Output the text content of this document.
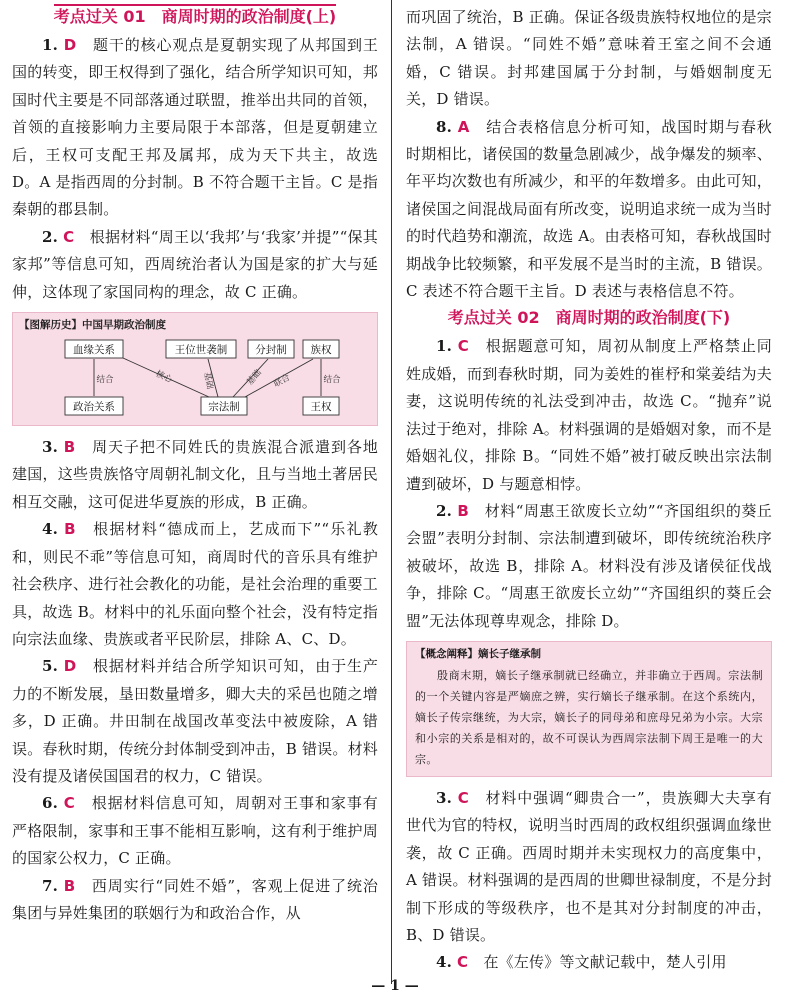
考点过关 01　商周时期的政治制度(上)

1. D　 题干的核心观点是夏朝实现了从邦国到王国的转变，即王权得到了强化，结合所学知识可知，邦国时代主要是不同部落通过联盟，推举出共同的首领，首领的直接影响力主要局限于本部落，但是夏朝建立后，王权可支配王邦及属邦，成为天下共主，故选 D。A 是指西周的分封制。B 不符合题干主旨。C 是指秦朝的郡县制。

2. C　 根据材料“周王以‘我邦’与‘我家’并提”“保其家邦”等信息可知，西周统治者认为国是家的扩大与延伸，这体现了家国同构的理念，故 C 正确。

【图解历史】中国早期政治制度
血缘关系	王位世袭制	分封制 族权
政治关系	宗法制	王权
结合	结合
核心	基础	基础 联合

3. B　 周天子把不同姓氏的贵族混合派遣到各地建国，这些贵族恪守周朝礼制文化，且与当地土著居民相互交融，这可促进华夏族的形成，B 正确。

4. B　 根据材料“德成而上，艺成而下”“乐礼教和，则民不乖”等信息可知，商周时代的音乐具有维护社会秩序、进行社会教化的功能，是社会治理的重要工具，故选 B。材料中的礼乐面向整个社会，没有特定指向宗法血缘、贵族或者平民阶层，排除 A、C、D。

5. D　 根据材料并结合所学知识可知，由于生产力的不断发展，垦田数量增多，卿大夫的采邑也随之增多，D 正确。井田制在战国改革变法中被废除，A 错误。春秋时期，传统分封体制受到冲击，B 错误。材料没有提及诸侯国国君的权力，C 错误。

6. C　 根据材料信息可知，周朝对王事和家事有严格限制，家事和王事不能相互影响，这有利于维护周的国家公权力，C 正确。

7. B　 西周实行“同姓不婚”，客观上促进了统治集团与异姓集团的联姻行为和政治合作，从

而巩固了统治，B 正确。保证各级贵族特权地位的是宗法制，A 错误。“同姓不婚”意味着王室之间不会通婚，C 错误。封邦建国属于分封制，与婚姻制度无关，D 错误。

8. A　 结合表格信息分析可知，战国时期与春秋时期相比，诸侯国的数量急剧减少，战争爆发的频率、年平均次数也有所减少，和平的年数增多。由此可知，诸侯国之间混战局面有所改变，说明追求统一成为当时的时代趋势和潮流，故选 A。由表格可知，春秋战国时期战争比较频繁，和平发展不是当时的主流，B 错误。C 表述不符合题干主旨。D 表述与表格信息不符。

考点过关 02　商周时期的政治制度(下)

1. C　 根据题意可知，周初从制度上严格禁止同姓成婚，而到春秋时期，同为姜姓的崔杼和棠姜结为夫妻，这说明传统的礼法受到冲击，故选 C。“抛弃”说法过于绝对，排除 A。材料强调的是婚姻对象，而不是婚姻礼仪，排除 B。“同姓不婚”被打破反映出宗法制遭到破坏，D 与题意相悖。

2. B　 材料“周惠王欲废长立幼”“齐国组织的葵丘会盟”表明分封制、宗法制遭到破坏，即传统统治秩序被破坏，故选 B，排除 A。材料没有涉及诸侯征伐战争，排除 C。“周惠王欲废长立幼”“齐国组织的葵丘会盟”无法体现尊卑观念，排除 D。

【概念阐释】嫡长子继承制
殷商末期，嫡长子继承制就已经确立，并非确立于西周。宗法制的一个关键内容是严嫡庶之辨，实行嫡长子继承制。在这个系统内，嫡长子传宗继统，为大宗，嫡长子的同母弟和庶母兄弟为小宗。大宗和小宗的关系是相对的，故不可误认为西周宗法制下周王是唯一的大宗。

3. C　 材料中强调“卿贵合一”，贵族卿大夫享有世代为官的特权，说明当时西周的政权组织强调血缘世袭，故 C 正确。西周时期并未实现权力的高度集中，A 错误。材料强调的是西周的世卿世禄制度，不是分封制下形成的等级秩序，也不是其对分封制度的冲击，B、D 错误。

4. C　 在《左传》等文献记载中，楚人引用

— 1 —
